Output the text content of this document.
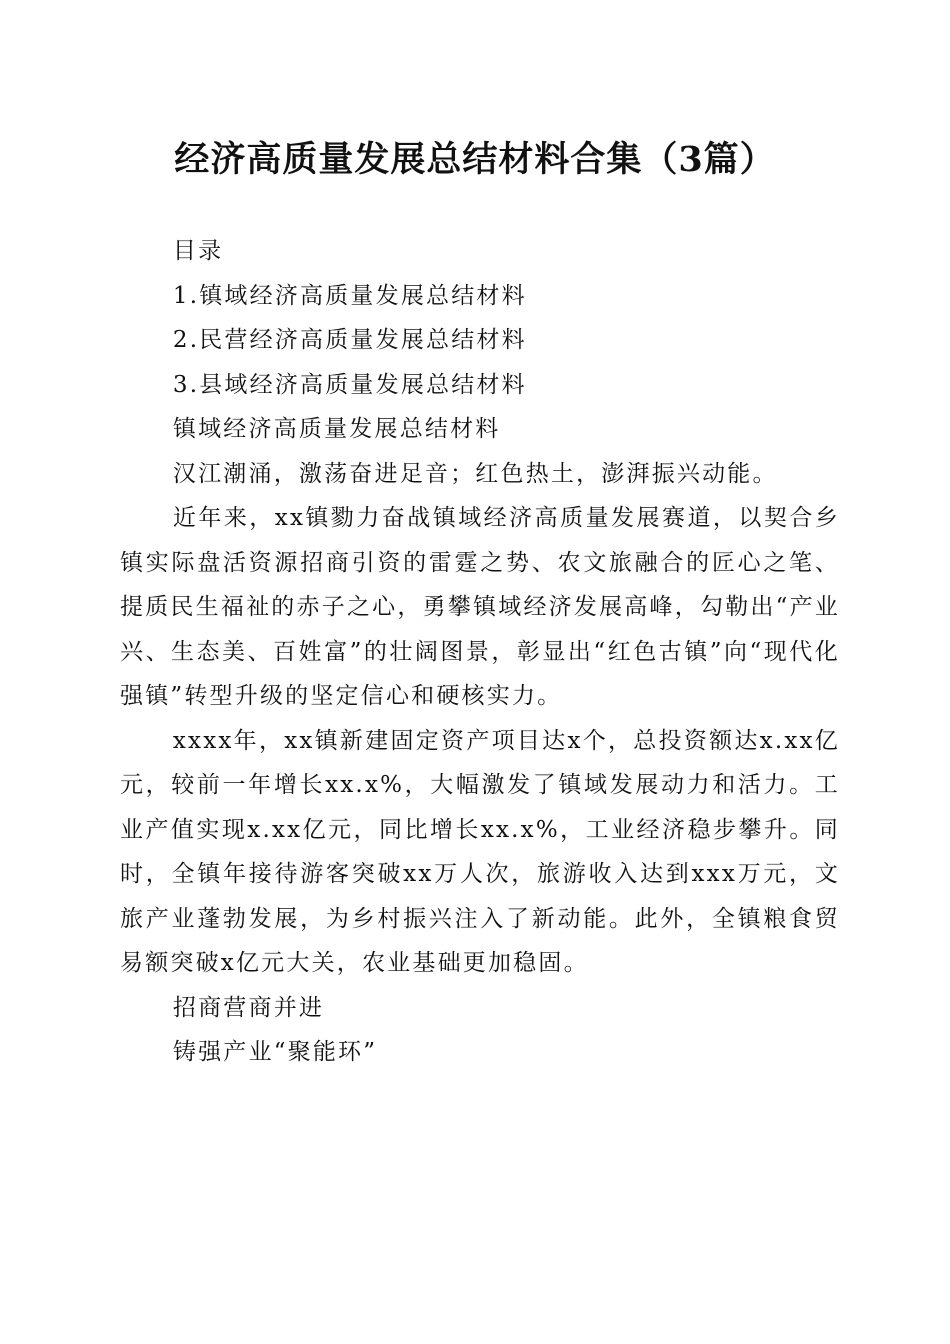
经济高质量发展总结材料合集（3篇）

目录

1.镇域经济高质量发展总结材料

2.民营经济高质量发展总结材料

3.县域经济高质量发展总结材料

镇域经济高质量发展总结材料

汉江潮涌，激荡奋进足音；红色热土，澎湃振兴动能。

近年来，xx镇勠力奋战镇域经济高质量发展赛道，以契合乡镇实际盘活资源招商引资的雷霆之势、农文旅融合的匠心之笔、提质民生福祉的赤子之心，勇攀镇域经济发展高峰，勾勒出“产业兴、生态美、百姓富”的壮阔图景，彰显出“红色古镇”向“现代化强镇”转型升级的坚定信心和硬核实力。

xxxx年，xx镇新建固定资产项目达x个，总投资额达x.xx亿元，较前一年增长xx.x%，大幅激发了镇域发展动力和活力。工业产值实现x.xx亿元，同比增长xx.x%，工业经济稳步攀升。同时，全镇年接待游客突破xx万人次，旅游收入达到xxx万元，文旅产业蓬勃发展，为乡村振兴注入了新动能。此外，全镇粮食贸易额突破x亿元大关，农业基础更加稳固。

招商营商并进

铸强产业“聚能环”
